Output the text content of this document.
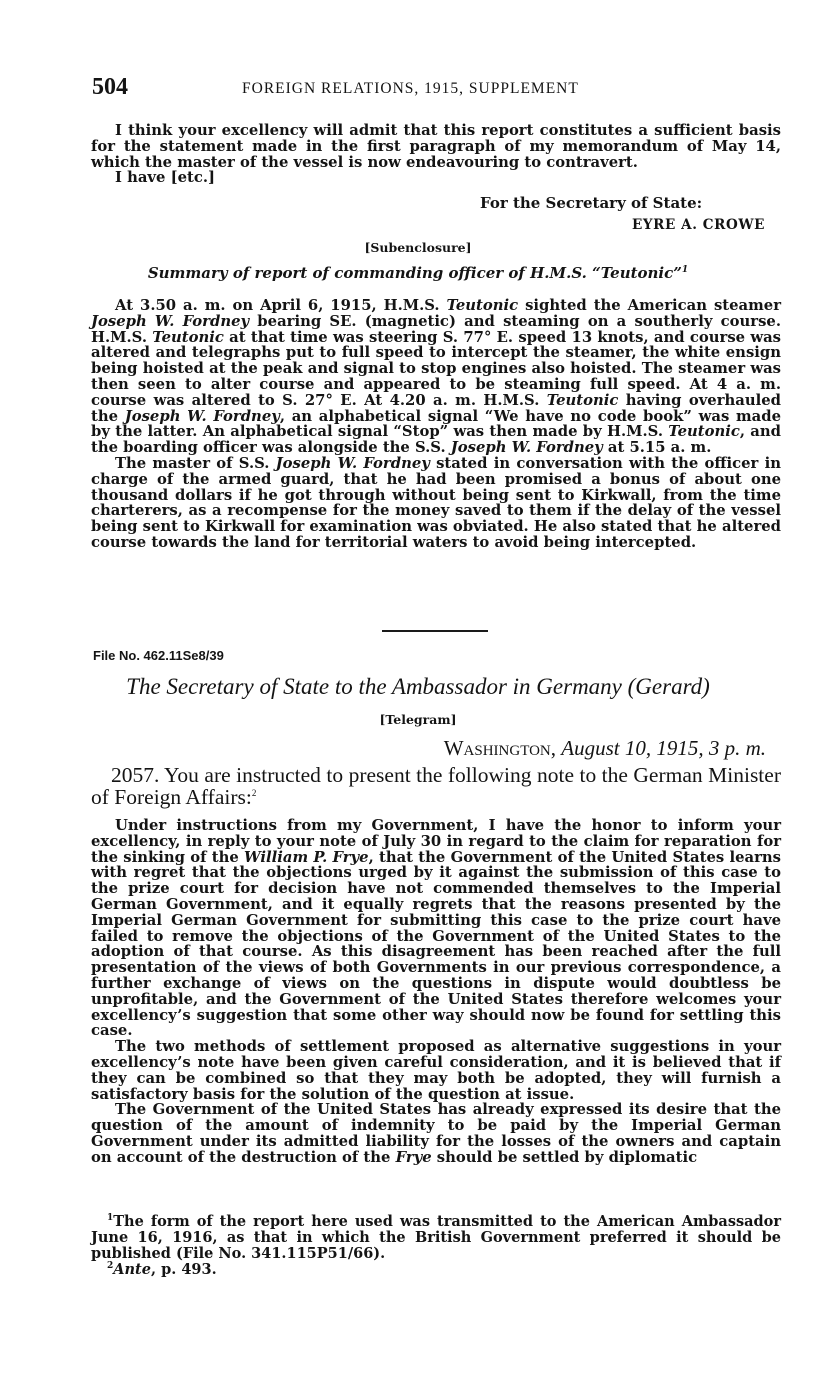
504	FOREIGN RELATIONS, 1915, SUPPLEMENT

I think your excellency will admit that this report constitutes a sufficient basis for the statement made in the first paragraph of my memorandum of May 14, which the master of the vessel is now endeavouring to contravert.

I have [etc.]

For the Secretary of State:
EYRE A. CROWE
[Subenclosure]
Summary of report of commanding officer of H.M.S. “Teutonic”$^1$

At 3.50 a. m. on April 6, 1915, H.M.S. Teutonic sighted the American steamer Joseph W. Fordney bearing SE. (magnetic) and steaming on a southerly course. H.M.S. Teutonic at that time was steering S. 77° E. speed 13 knots, and course was altered and telegraphs put to full speed to intercept the steamer, the white ensign being hoisted at the peak and signal to stop engines also hoisted. The steamer was then seen to alter course and appeared to be steaming full speed. At 4 a. m. course was altered to S. 27° E. At 4.20 a. m. H.M.S. Teutonic having overhauled the Joseph W. Fordney, an alphabetical signal “We have no code book” was made by the latter. An alphabetical signal “Stop” was then made by H.M.S. Teutonic, and the boarding officer was alongside the S.S. Joseph W. Fordney at 5.15 a. m.

The master of S.S. Joseph W. Fordney stated in conversation with the officer in charge of the armed guard, that he had been promised a bonus of about one thousand dollars if he got through without being sent to Kirkwall, from the time charterers, as a recompense for the money saved to them if the delay of the vessel being sent to Kirkwall for examination was obviated. He also stated that he altered course towards the land for territorial waters to avoid being intercepted.

File No. 462.11Se8/39
The Secretary of State to the Ambassador in Germany (Gerard)
[Telegram]
Washington, August 10, 1915, 3 p. m.
2057. You are instructed to present the following note to the German Minister of Foreign Affairs:$^2$

Under instructions from my Government, I have the honor to inform your excellency, in reply to your note of July 30 in regard to the claim for reparation for the sinking of the William P. Frye, that the Government of the United States learns with regret that the objections urged by it against the submission of this case to the prize court for decision have not commended themselves to the Imperial German Government, and it equally regrets that the reasons presented by the Imperial German Government for submitting this case to the prize court have failed to remove the objections of the Government of the United States to the adoption of that course. As this disagreement has been reached after the full presentation of the views of both Governments in our previous correspondence, a further exchange of views on the questions in dispute would doubtless be unprofitable, and the Government of the United States therefore welcomes your excellency’s suggestion that some other way should now be found for settling this case.

The two methods of settlement proposed as alternative suggestions in your excellency’s note have been given careful consideration, and it is believed that if they can be combined so that they may both be adopted, they will furnish a satisfactory basis for the solution of the question at issue.

The Government of the United States has already expressed its desire that the question of the amount of indemnity to be paid by the Imperial German Government under its admitted liability for the losses of the owners and captain on account of the destruction of the Frye should be settled by diplomatic

$^1$The form of the report here used was transmitted to the American Ambassador June 16, 1916, as that in which the British Government preferred it should be published (File No. 341.115P51/66).

$^2$Ante, p. 493.
